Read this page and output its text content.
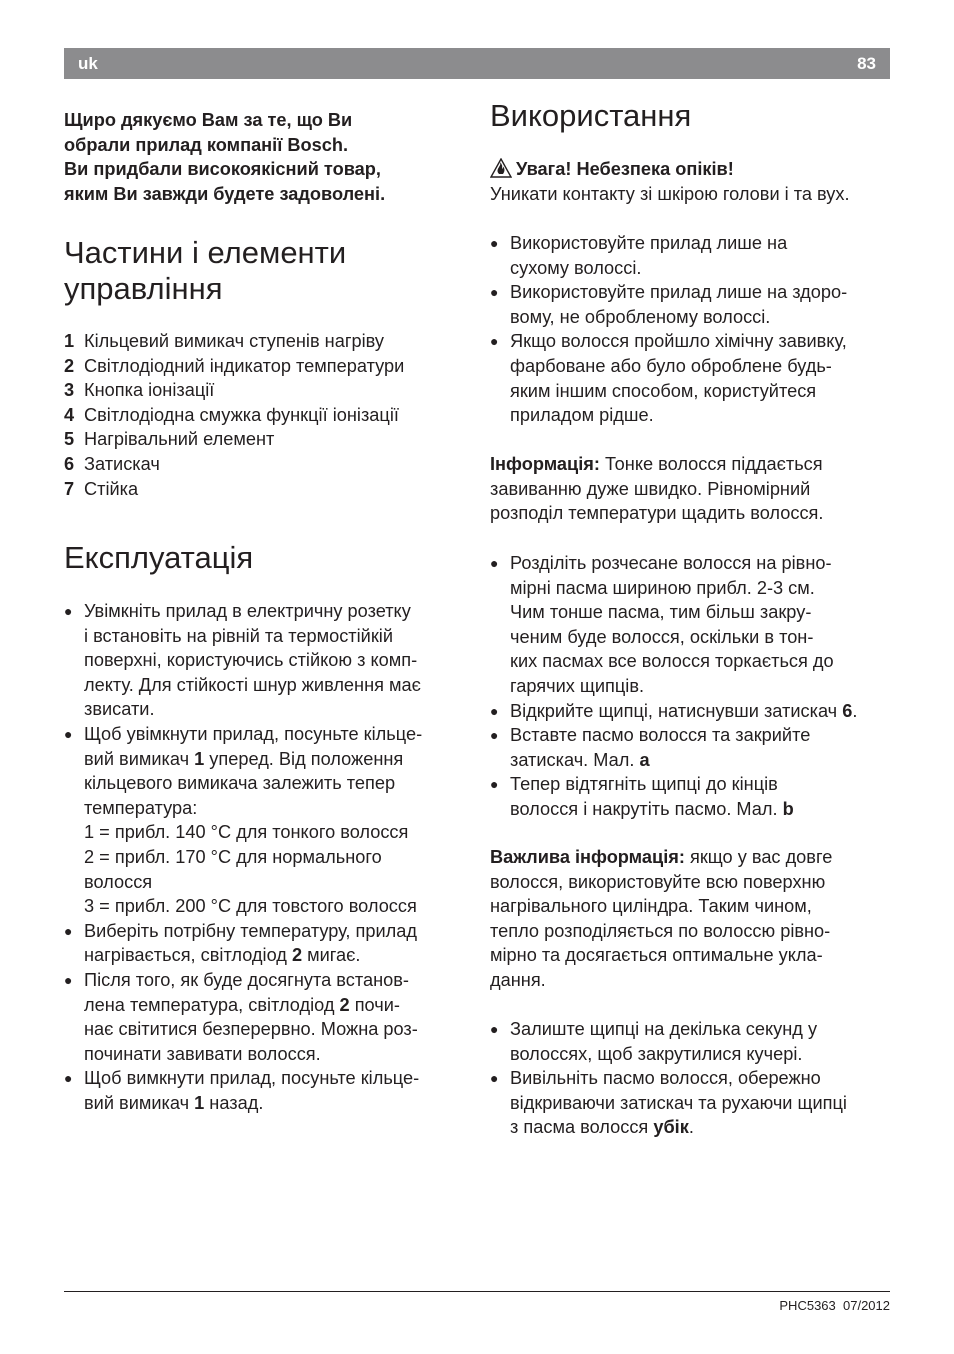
uk	83

Щиро дякуємо Вам за те, що Ви

обрали прилад компанії Bosch.

Ви придбали високоякісний товар,

яким Ви завжди будете задоволені.

Частини і елементи
управління
1 Кільцевий вимикач ступенів нагріву
2 Світлодіодний індикатор температури
3 Кнопка іонізації
4 Світлодіодна смужка функції іонізації
5 Нагрівальний елемент
6 Затискач
7 Стійка
Експлуатація
● Увімкніть прилад в електричну розетку
і встановіть на рівній та термостійкій
поверхні, користуючись стійкою з комп-
лекту. Для стійкості шнур живлення має
звисати.
● Щоб увімкнути прилад, посуньте кільце-
вий вимикач 1 уперед. Від положення
кільцевого вимикача залежить тепер
температура:
1 = прибл. 140 °C для тонкого волосся
2 = прибл. 170 °C для нормального
волосся
3 = прибл. 200 °C для товстого волосся
● Виберіть потрібну температуру, прилад
нагрівається, світлодіод 2 мигає.
● Після того, як буде досягнута встанов-
лена температура, світлодіод 2 почи-
нає світитися безперервно. Можна роз-
починати завивати волосся.
● Щоб вимкнути прилад, посуньте кільце-
вий вимикач 1 назад.
Використання

Увага! Небезпека опіків!

Уникати контакту зі шкірою голови і та вух.

● Використовуйте прилад лише на
сухому волоссі.
● Використовуйте прилад лише на здоро-
вому, не обробленому волоссі.
● Якщо волосся пройшло хімічну завивку,
фарбоване або було оброблене будь-
яким іншим способом, користуйтеся
приладом рідше.

Інформація: Тонке волосся піддається

завиванню дуже швидко. Рівномірний

розподіл температури щадить волосся.

● Розділіть розчесане волосся на рівно-
мірні пасма шириною прибл. 2-3 см.
Чим тонше пасма, тим більш закру-
ченим буде волосся, оскільки в тон-
ких пасмах все волосся торкається до
гарячих щипців.
● Відкрийте щипці, натиснувши затискач 6.
● Вставте пасмо волосся та закрийте
затискач. Мал. a
● Тепер відтягніть щипці до кінців
волосся і накрутіть пасмо. Мал. b

Важлива інформація: якщо у вас довге

волосся, використовуйте всю поверхню

нагрівального циліндра. Таким чином,

тепло розподіляється по волоссю рівно-

мірно та досягається оптимальне укла-

дання.

● Залиште щипці на декілька секунд у
волоссях, щоб закрутилися кучері.
● Вивільніть пасмо волосся, обережно
відкриваючи затискач та рухаючи щипці
з пасма волосся убік.
PHC5363 07/2012
